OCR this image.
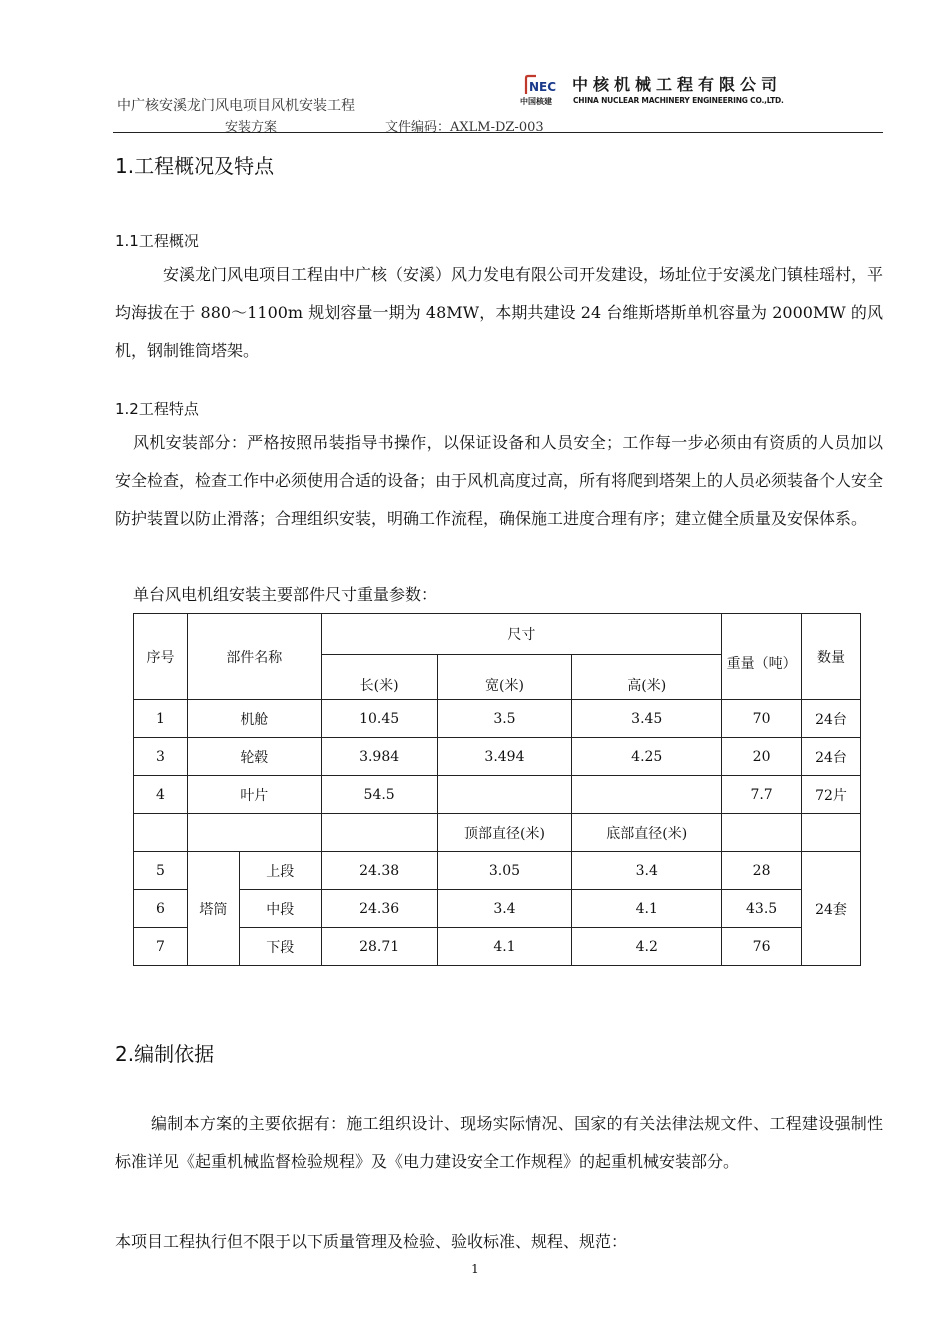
NEC 中核机械工程有限公司
中国核建	CHINA NUCLEAR MACHINERY ENGINEERING CO.,LTD.
中广核安溪龙门风电项目风机安装工程
安装方案	文件编码：AXLM-DZ-003
1.工程概况及特点
1.1工程概况
安溪龙门风电项目工程由中广核（安溪）风力发电有限公司开发建设，场址位于安溪龙门镇桂瑶村，平均海拔在于 880～1100m 规划容量一期为 48MW，本期共建设 24 台维斯塔斯单机容量为 2000MW 的风机，钢制锥筒塔架。
1.2工程特点
风机安装部分：严格按照吊装指导书操作，以保证设备和人员安全；工作每一步必须由有资质的人员加以安全检查，检查工作中必须使用合适的设备；由于风机高度过高，所有将爬到塔架上的人员必须装备个人安全防护装置以防止滑落；合理组织安装，明确工作流程，确保施工进度合理有序；建立健全质量及安保体系。
单台风电机组安装主要部件尺寸重量参数：
序号	部件名称		尺寸			重量（吨）	数量
			长(米)	宽(米)	高(米)		
1	机舱		10.45	3.5	3.45	70	24台
3	轮毂		3.984	3.494	4.25	20	24台
4	叶片		54.5			7.7	72片
				顶部直径(米)	底部直径(米)		
5	塔筒	上段	24.38	3.05	3.4	28	24套
6		中段	24.36	3.4	4.1	43.5	
7		下段	28.71	4.1	4.2	76	
2.编制依据
编制本方案的主要依据有：施工组织设计、现场实际情况、国家的有关法律法规文件、工程建设强制性标准详见《起重机械监督检验规程》及《电力建设安全工作规程》的起重机械安装部分。
本项目工程执行但不限于以下质量管理及检验、验收标准、规程、规范：
1
